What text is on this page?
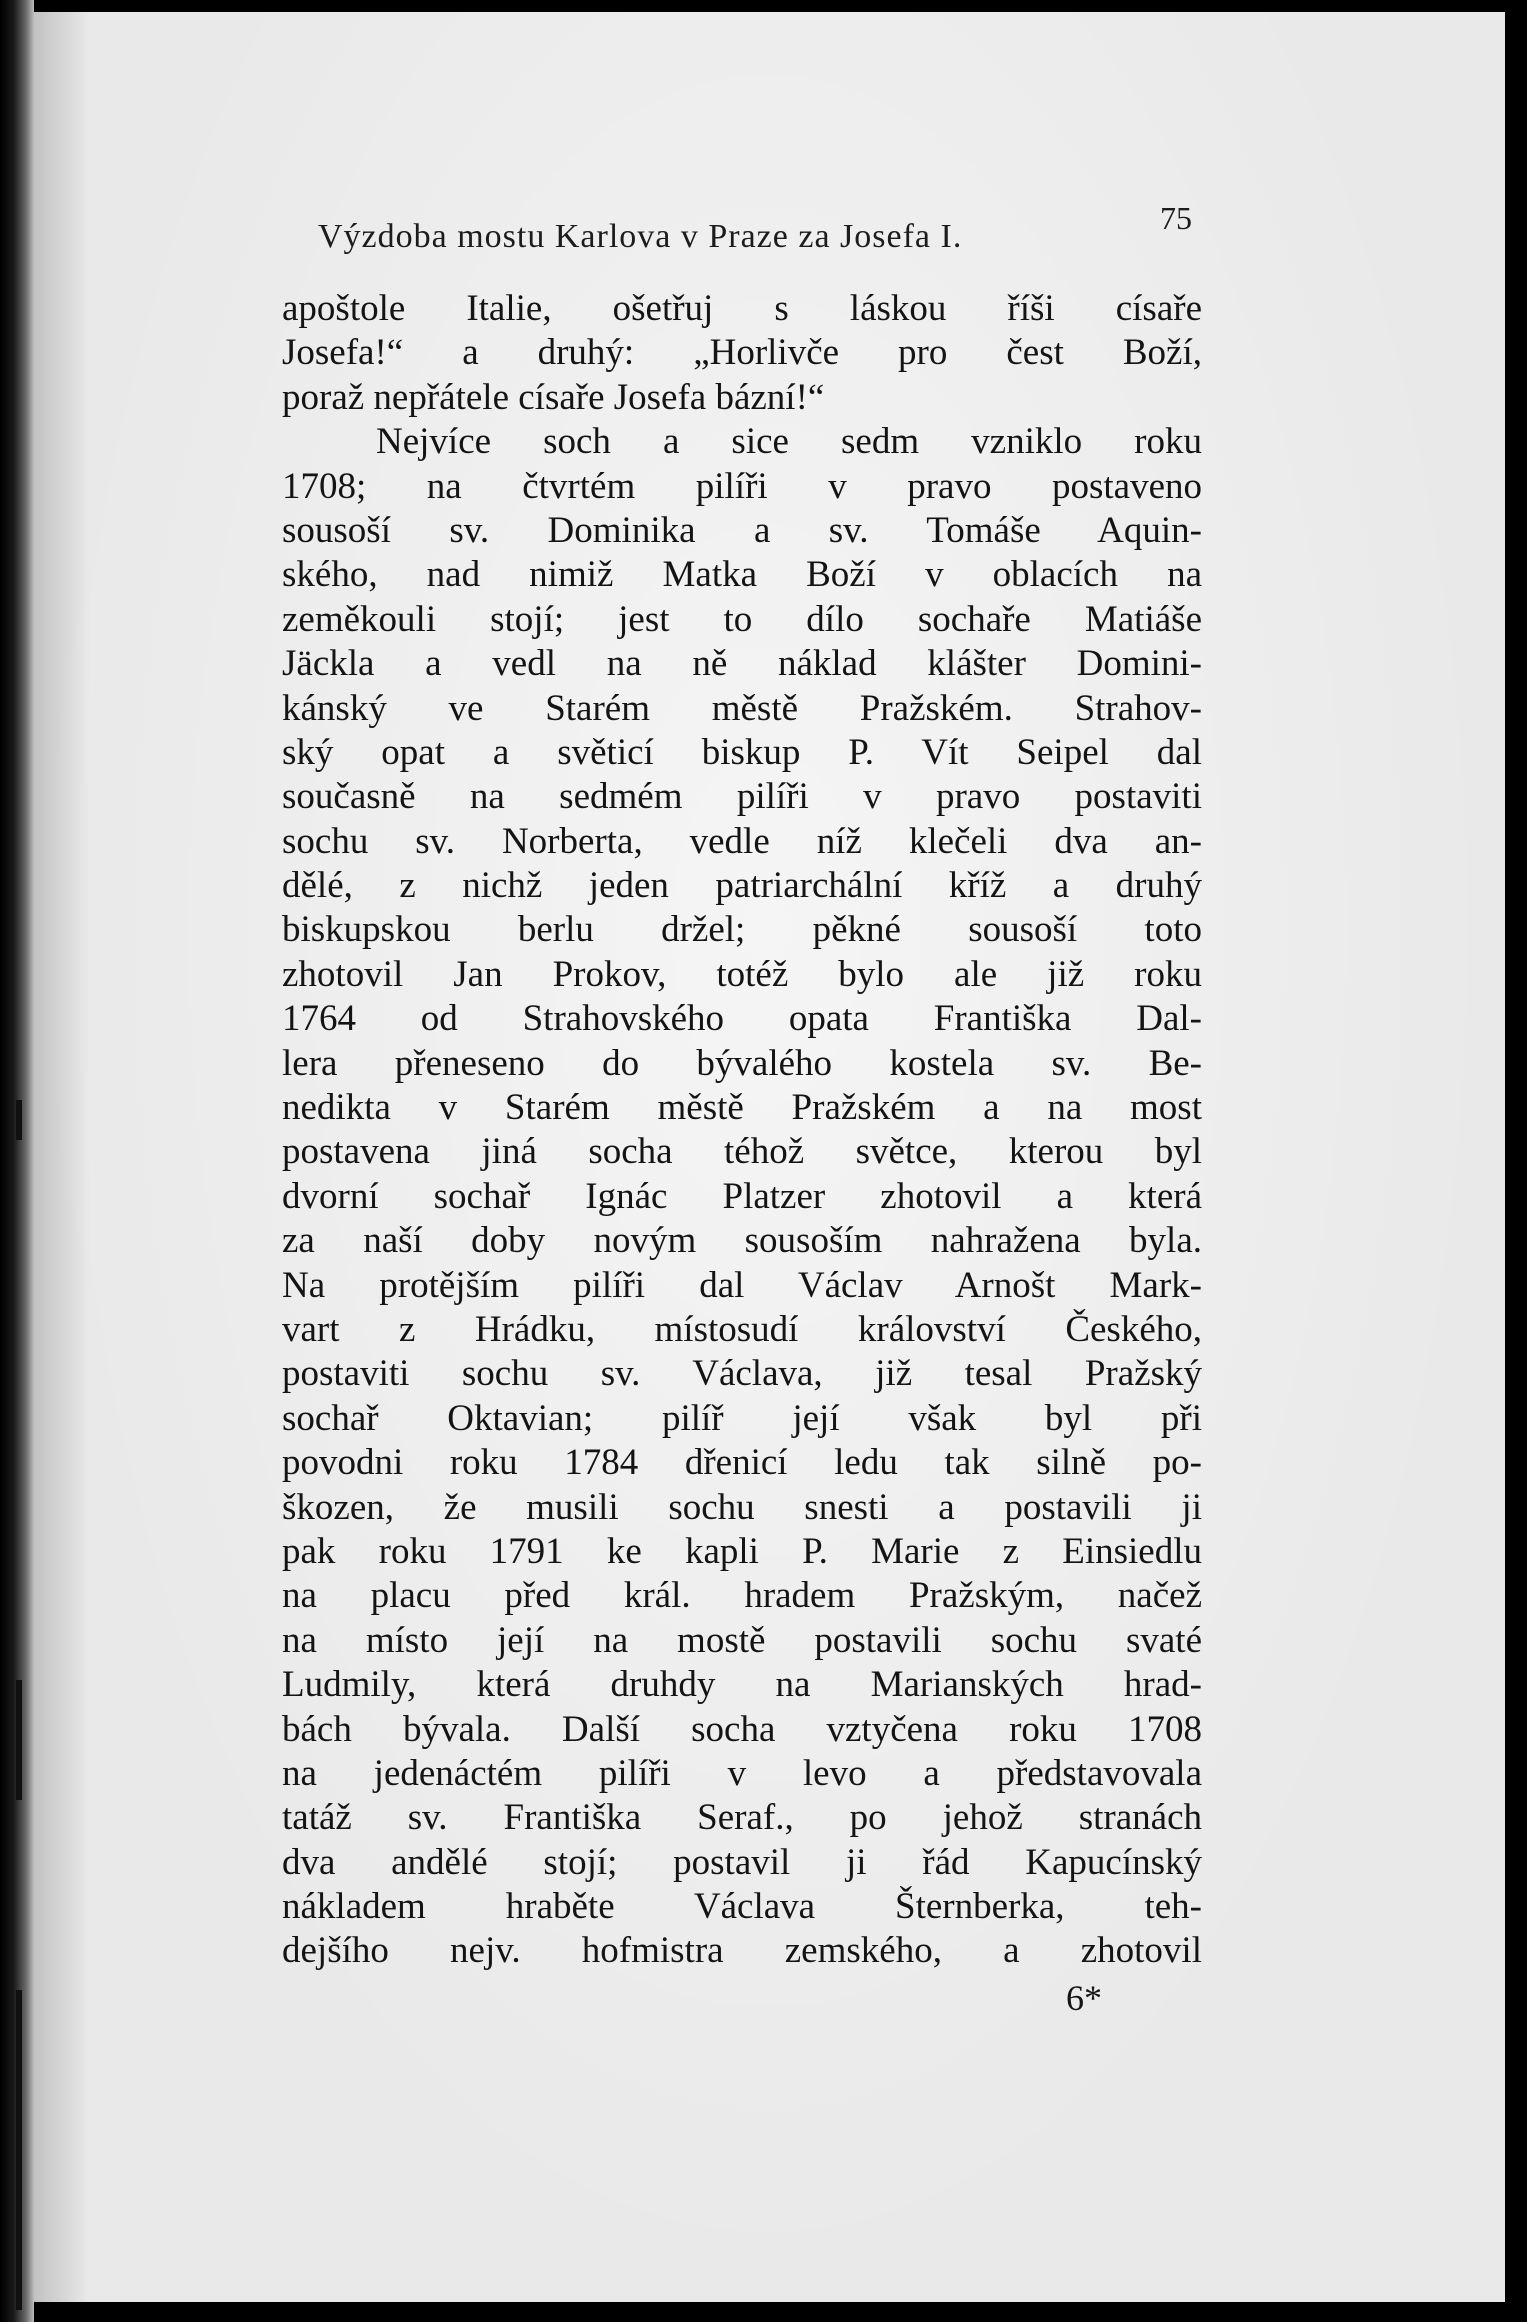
Výzdoba mostu Karlova v Praze za Josefa I.	75
apoštole Italie, ošetřuj s láskou říši císaře
Josefa!“ a druhý: „Horlivče pro čest Boží,
poraž nepřátele císaře Josefa bázní!“
Nejvíce soch a sice sedm vzniklo roku
1708; na čtvrtém pilíři v pravo postaveno
sousoší sv. Dominika a sv. Tomáše Aquin-
ského, nad nimiž Matka Boží v oblacích na
zeměkouli stojí; jest to dílo sochaře Matiáše
Jäckla a vedl na ně náklad klášter Domini-
kánský ve Starém městě Pražském. Strahov-
ský opat a světicí biskup P. Vít Seipel dal
současně na sedmém pilíři v pravo postaviti
sochu sv. Norberta, vedle níž klečeli dva an-
dělé, z nichž jeden patriarchální kříž a druhý
biskupskou berlu držel; pěkné sousoší toto
zhotovil Jan Prokov, totéž bylo ale již roku
1764 od Strahovského opata Františka Dal-
lera přeneseno do bývalého kostela sv. Be-
nedikta v Starém městě Pražském a na most
postavena jiná socha téhož světce, kterou byl
dvorní sochař Ignác Platzer zhotovil a která
za naší doby novým sousoším nahražena byla.
Na protějším pilíři dal Václav Arnošt Mark-
vart z Hrádku, místosudí království Českého,
postaviti sochu sv. Václava, již tesal Pražský
sochař Oktavian; pilíř její však byl při
povodni roku 1784 dřenicí ledu tak silně po-
škozen, že musili sochu snesti a postavili ji
pak roku 1791 ke kapli P. Marie z Einsiedlu
na placu před král. hradem Pražským, načež
na místo její na mostě postavili sochu svaté
Ludmily, která druhdy na Marianských hrad-
bách bývala. Další socha vztyčena roku 1708
na jedenáctém pilíři v levo a představovala
tatáž sv. Františka Seraf., po jehož stranách
dva andělé stojí; postavil ji řád Kapucínský
nákladem hraběte Václava Šternberka, teh-
dejšího nejv. hofmistra zemského, a zhotovil
6*
